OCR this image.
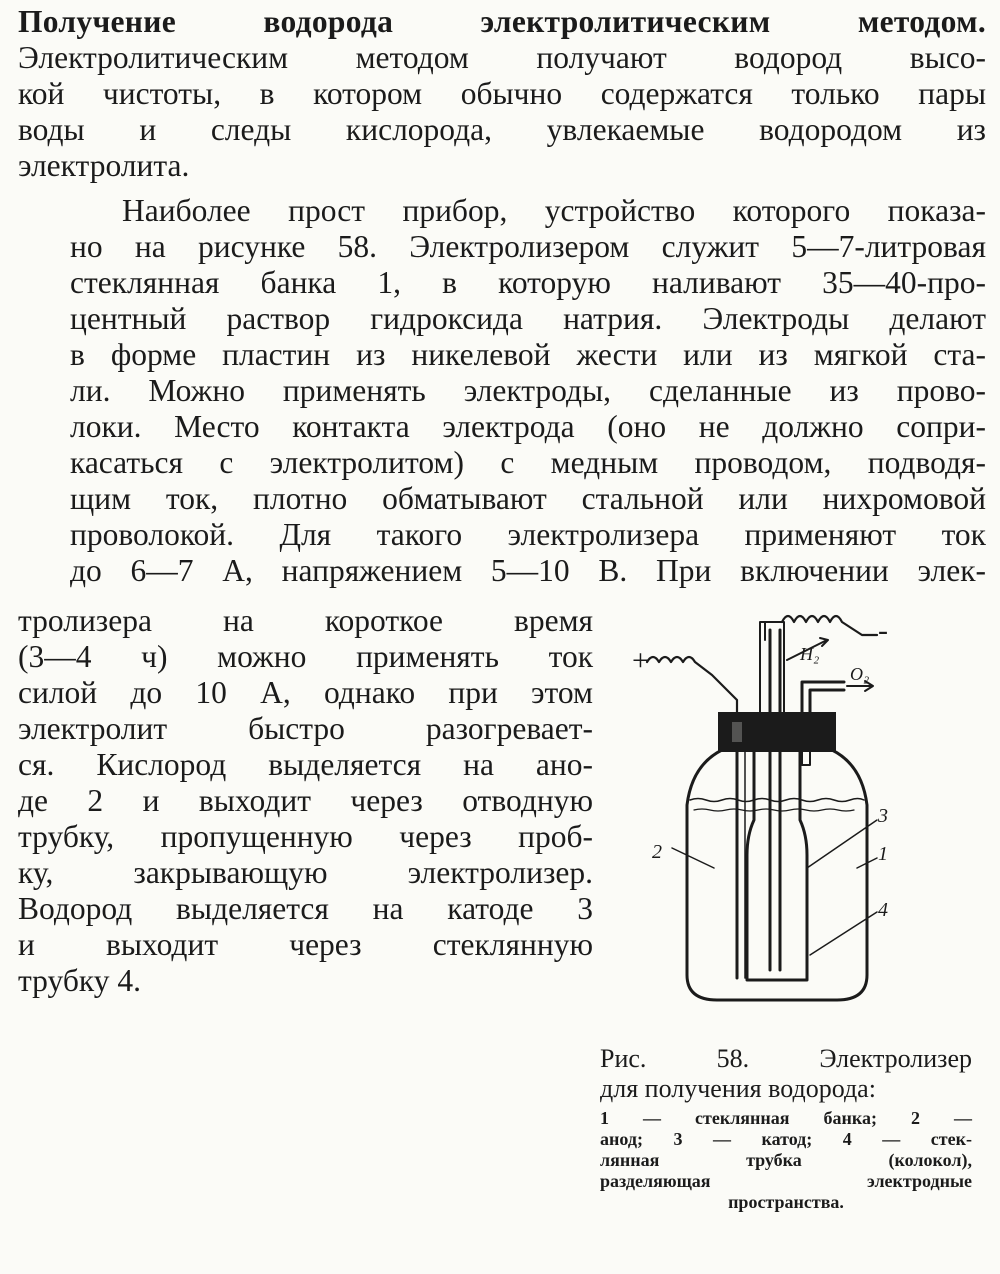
Получение водорода электролитическим методом.
Электролитическим методом получают водород высо-
кой чистоты, в котором обычно содержатся только пары
воды и следы кислорода, увлекаемые водородом из
электролита.

Наиболее прост прибор, устройство которого показа-
но на рисунке 58. Электролизером служит 5—7-литровая
стеклянная банка 1, в которую наливают 35—40-про-
центный раствор гидроксида натрия. Электроды делают
в форме пластин из никелевой жести или из мягкой ста-
ли. Можно применять электроды, сделанные из прово-
локи. Место контакта электрода (оно не должно сопри-
касаться с электролитом) с медным проводом, подводя-
щим ток, плотно обматывают стальной или нихромовой
проволокой. Для такого электролизера применяют ток
до 6—7 А, напряжением 5—10 В. При включении элек-

тролизера на короткое время
(3—4 ч) можно применять ток
силой до 10 А, однако при этом
электролит быстро разогревает-
ся. Кислород выделяется на ано-
де 2 и выходит через отводную
трубку, пропущенную через проб-
ку, закрывающую электролизер.
Водород выделяется на катоде 3
и выходит через стеклянную
трубку 4.

+
-
H₂
O₂
2
3
1
4

Рис. 58. Электролизер

для получения водорода:

1 — стеклянная банка; 2 —
анод; 3 — катод; 4 — стек-
лянная трубка (колокол),
разделяющая электродные
пространства.
